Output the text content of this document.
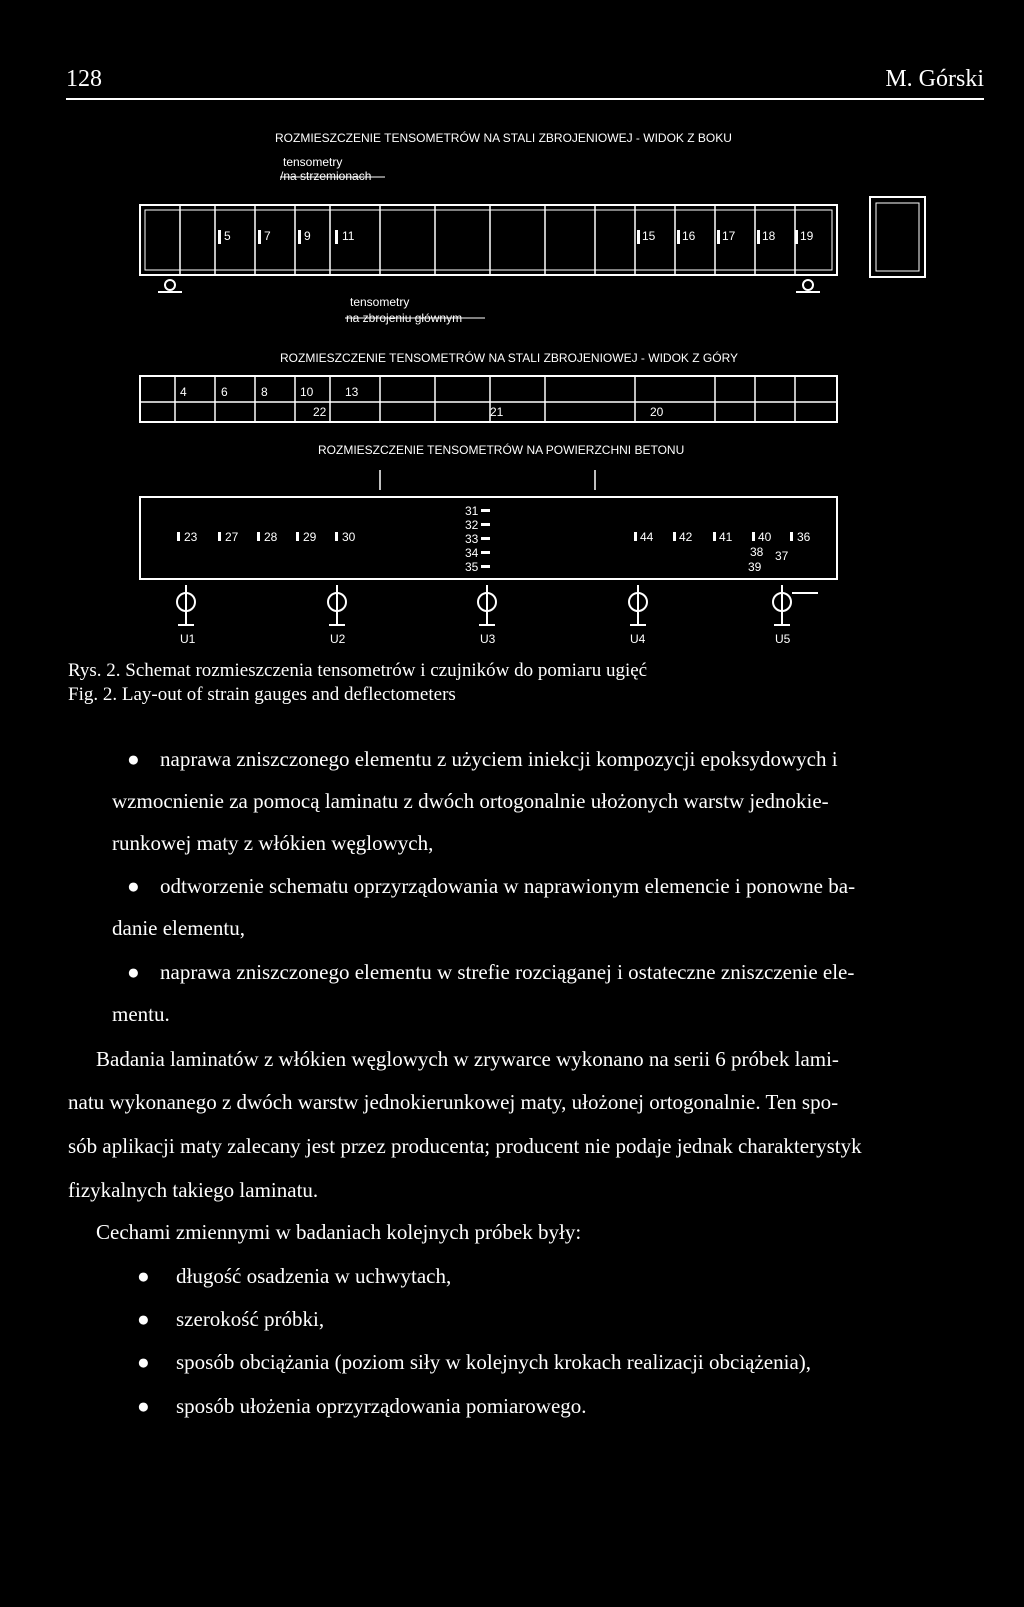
128	M. Górski
ROZMIESZCZENIE TENSOMETRÓW NA STALI ZBROJENIOWEJ - WIDOK Z BOKU
tensometry
/na strzemionach
5	7	9	11	15 16 17 18 19
tensometry
na zbrojeniu głównym
ROZMIESZCZENIE TENSOMETRÓW NA STALI ZBROJENIOWEJ - WIDOK Z GÓRY
4	6	8	10	13
22	21	20
ROZMIESZCZENIE TENSOMETRÓW NA POWIERZCHNI BETONU
23 27 28 29 30
31
32
33
34
35
44 42 41 40 36
38 37
39
U1	U2	U3	U4	U5
Rys. 2. Schemat rozmieszczenia tensometrów i czujników do pomiaru ugięć
Fig. 2. Lay-out of strain gauges and deflectometers
● naprawa zniszczonego elementu z użyciem iniekcji kompozycji epoksydowych i
wzmocnienie za pomocą laminatu z dwóch ortogonalnie ułożonych warstw jednokie-
runkowej maty z włókien węglowych,
● odtworzenie schematu oprzyrządowania w naprawionym elemencie i ponowne ba-
danie elementu,
● naprawa zniszczonego elementu w strefie rozciąganej i ostateczne zniszczenie ele-
mentu.
Badania laminatów z włókien węglowych w zrywarce wykonano na serii 6 próbek lami-
natu wykonanego z dwóch warstw jednokierunkowej maty, ułożonej ortogonalnie. Ten spo-
sób aplikacji maty zalecany jest przez producenta; producent nie podaje jednak charakterystyk
fizykalnych takiego laminatu.
Cechami zmiennymi w badaniach kolejnych próbek były:
● długość osadzenia w uchwytach,
● szerokość próbki,
● sposób obciążania (poziom siły w kolejnych krokach realizacji obciążenia),
● sposób ułożenia oprzyrządowania pomiarowego.
